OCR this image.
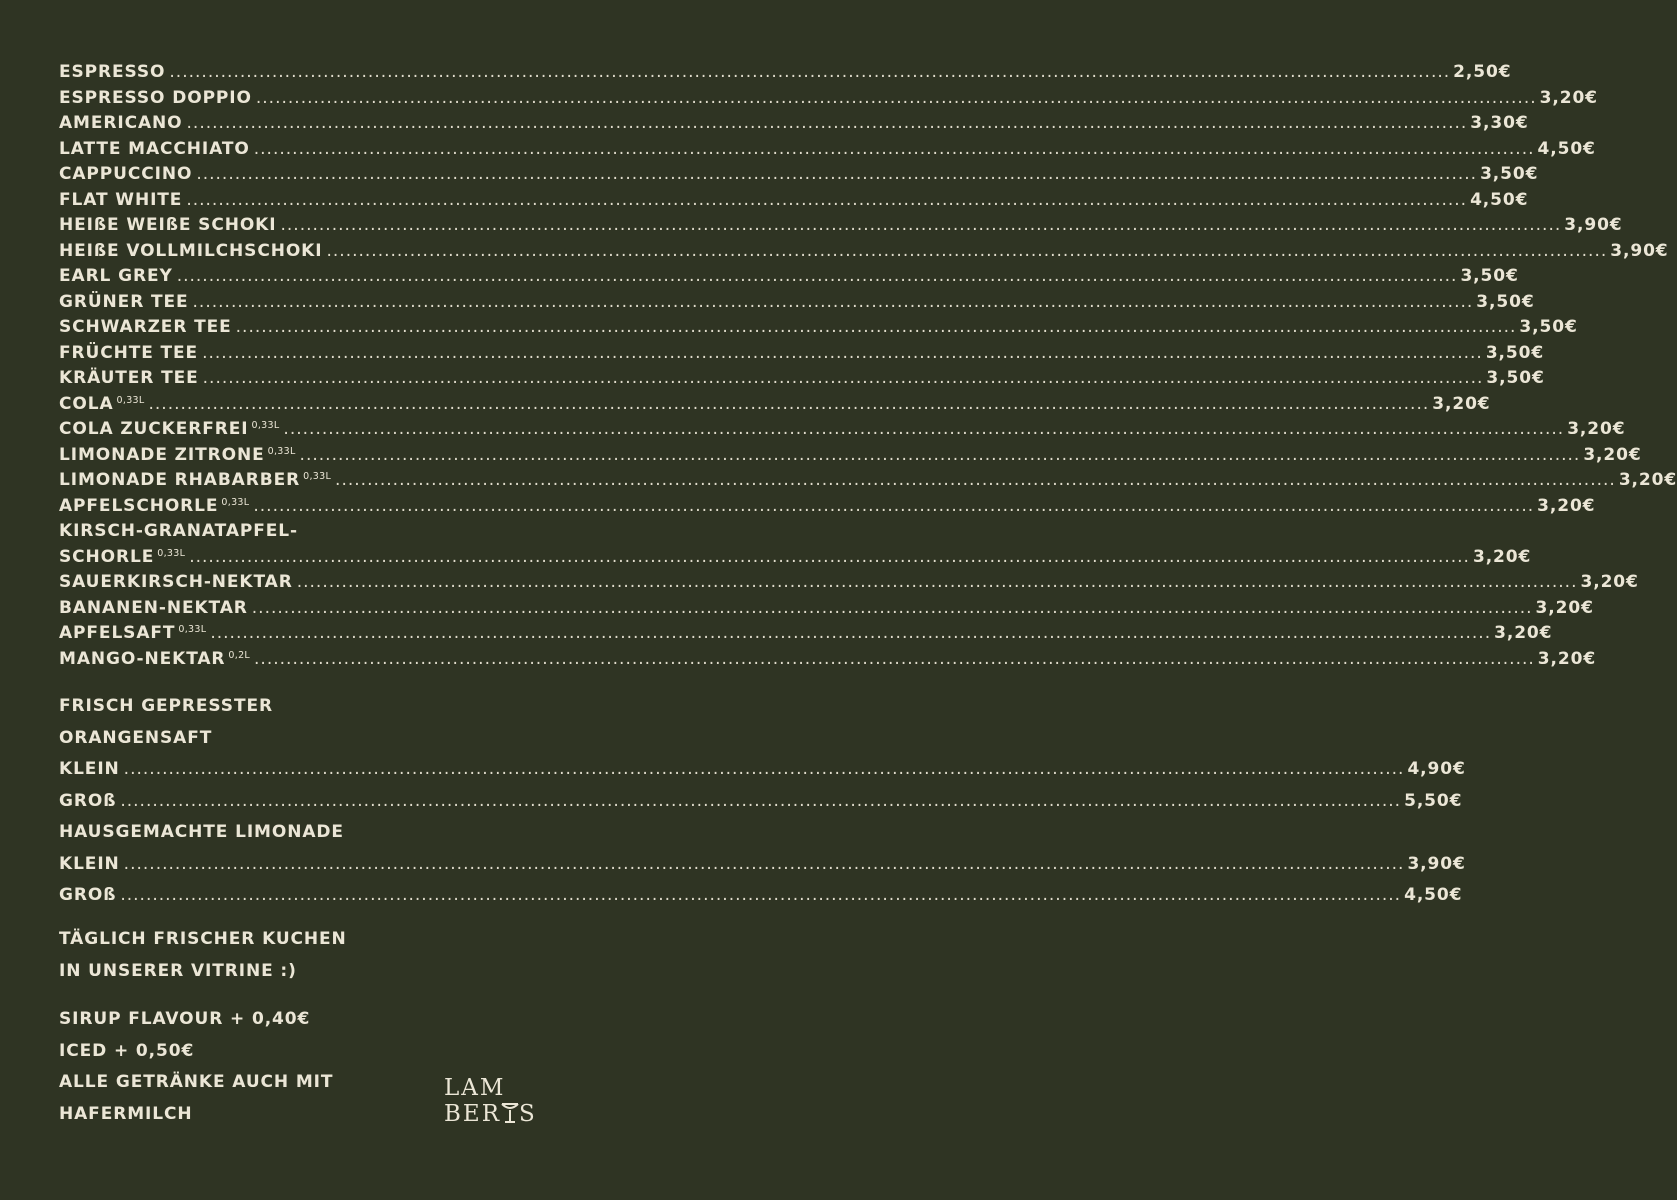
ESPRESSO ........................................................................................................................................................................................................ 2,50€
ESPRESSO DOPPIO ........................................................................................................................................................................................................ 3,20€
AMERICANO ........................................................................................................................................................................................................ 3,30€
LATTE MACCHIATO ........................................................................................................................................................................................................ 4,50€
CAPPUCCINO ........................................................................................................................................................................................................ 3,50€
FLAT WHITE ........................................................................................................................................................................................................ 4,50€
HEIßE WEIßE SCHOKI ........................................................................................................................................................................................................ 3,90€
HEIßE VOLLMILCHSCHOKI ........................................................................................................................................................................................................ 3,90€
EARL GREY ........................................................................................................................................................................................................ 3,50€
GRÜNER TEE ........................................................................................................................................................................................................ 3,50€
SCHWARZER TEE ........................................................................................................................................................................................................ 3,50€
FRÜCHTE TEE ........................................................................................................................................................................................................ 3,50€
KRÄUTER TEE ........................................................................................................................................................................................................ 3,50€
COLA $^{0,33L}$ ........................................................................................................................................................................................................ 3,20€
COLA ZUCKERFREI $^{0,33L}$ ........................................................................................................................................................................................................ 3,20€
LIMONADE ZITRONE $^{0,33L}$ ........................................................................................................................................................................................................ 3,20€
LIMONADE RHABARBER $^{0,33L}$ ........................................................................................................................................................................................................ 3,20€
APFELSCHORLE $^{0,33L}$ ........................................................................................................................................................................................................ 3,20€
KIRSCH-GRANATAPFEL-
SCHORLE $^{0,33L}$ ........................................................................................................................................................................................................ 3,20€
SAUERKIRSCH-NEKTAR ........................................................................................................................................................................................................ 3,20€
BANANEN-NEKTAR ........................................................................................................................................................................................................ 3,20€
APFELSAFT $^{0,33L}$ ........................................................................................................................................................................................................ 3,20€
MANGO-NEKTAR $^{0,2L}$ ........................................................................................................................................................................................................ 3,20€
FRISCH GEPRESSTER
ORANGENSAFT
KLEIN ........................................................................................................................................................................................................ 4,90€
GROß ........................................................................................................................................................................................................ 5,50€
HAUSGEMACHTE LIMONADE
KLEIN ........................................................................................................................................................................................................ 3,90€
GROß ........................................................................................................................................................................................................ 4,50€
TÄGLICH FRISCHER KUCHEN
IN UNSERER VITRINE :)
SIRUP FLAVOUR + 0,40€
ICED + 0,50€
ALLE GETRÄNKE AUCH MIT
HAFERMILCH
LAM
BER S
